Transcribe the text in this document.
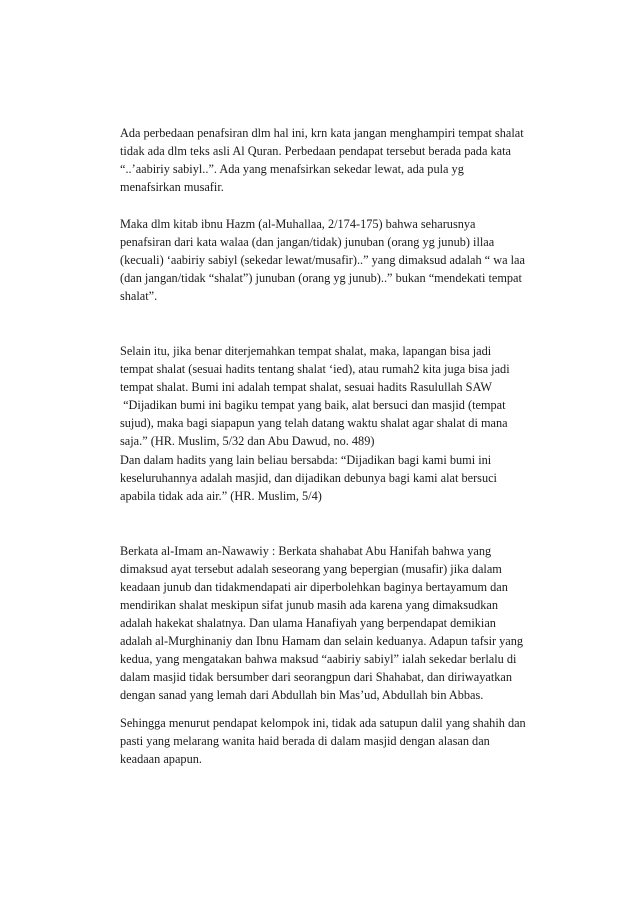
Ada perbedaan penafsiran dlm hal ini, krn kata jangan menghampiri tempat shalat
tidak ada dlm teks asli Al Quran. Perbedaan pendapat tersebut berada pada kata
“..’aabiriy sabiyl..”. Ada yang menafsirkan sekedar lewat, ada pula yg
menafsirkan musafir.

Maka dlm kitab ibnu Hazm (al-Muhallaa, 2/174-175) bahwa seharusnya
penafsiran dari kata walaa (dan jangan/tidak) junuban (orang yg junub) illaa
(kecuali) ‘aabiriy sabiyl (sekedar lewat/musafir)..” yang dimaksud adalah “ wa laa
(dan jangan/tidak “shalat”) junuban (orang yg junub)..” bukan “mendekati tempat
shalat”.

Selain itu, jika benar diterjemahkan tempat shalat, maka, lapangan bisa jadi
tempat shalat (sesuai hadits tentang shalat ‘ied), atau rumah2 kita juga bisa jadi
tempat shalat. Bumi ini adalah tempat shalat, sesuai hadits Rasulullah SAW
“Dijadikan bumi ini bagiku tempat yang baik, alat bersuci dan masjid (tempat
sujud), maka bagi siapapun yang telah datang waktu shalat agar shalat di mana
saja.” (HR. Muslim, 5/32 dan Abu Dawud, no. 489)

Dan dalam hadits yang lain beliau bersabda: “Dijadikan bagi kami bumi ini
keseluruhannya adalah masjid, dan dijadikan debunya bagi kami alat bersuci
apabila tidak ada air.” (HR. Muslim, 5/4)

Berkata al-Imam an-Nawawiy : Berkata shahabat Abu Hanifah bahwa yang
dimaksud ayat tersebut adalah seseorang yang bepergian (musafir) jika dalam
keadaan junub dan tidakmendapati air diperbolehkan baginya bertayamum dan
mendirikan shalat meskipun sifat junub masih ada karena yang dimaksudkan
adalah hakekat shalatnya. Dan ulama Hanafiyah yang berpendapat demikian
adalah al-Murghinaniy dan Ibnu Hamam dan selain keduanya. Adapun tafsir yang
kedua, yang mengatakan bahwa maksud “aabiriy sabiyl” ialah sekedar berlalu di
dalam masjid tidak bersumber dari seorangpun dari Shahabat, dan diriwayatkan
dengan sanad yang lemah dari Abdullah bin Mas’ud, Abdullah bin Abbas.

Sehingga menurut pendapat kelompok ini, tidak ada satupun dalil yang shahih dan
pasti yang melarang wanita haid berada di dalam masjid dengan alasan dan
keadaan apapun.
